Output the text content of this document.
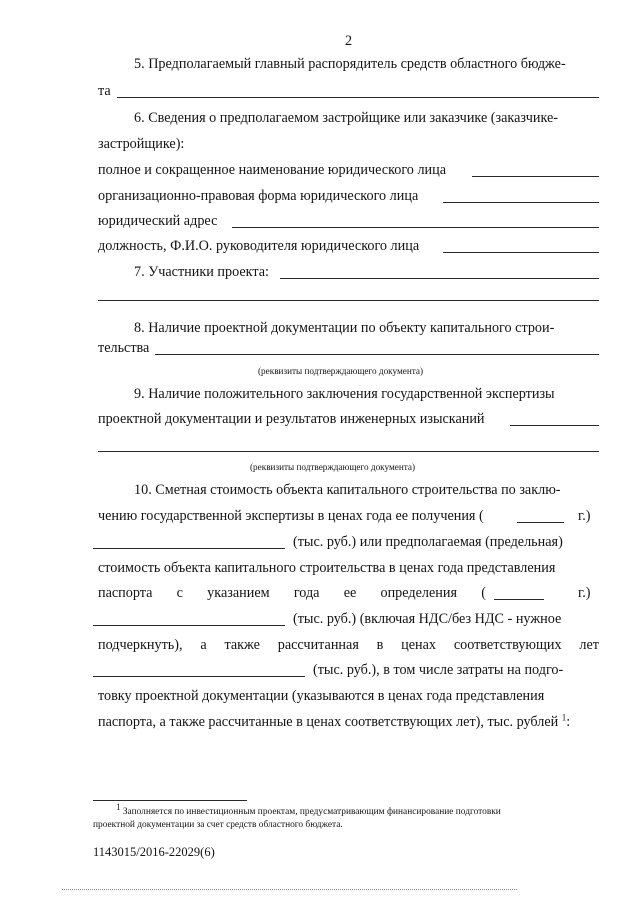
2
5. Предполагаемый главный распорядитель средств областного бюдже-
та
6. Сведения о предполагаемом застройщике или заказчике (заказчике-
застройщике):
полное и сокращенное наименование юридического лица
организационно-правовая форма юридического лица
юридический адрес
должность, Ф.И.О. руководителя юридического лица
7. Участники проекта:
8. Наличие проектной документации по объекту капитального строи-
тельства
(реквизиты подтверждающего документа)
9. Наличие положительного заключения государственной экспертизы
проектной документации и результатов инженерных изысканий
(реквизиты подтверждающего документа)
10. Сметная стоимость объекта капитального строительства по заклю-
чению государственной экспертизы в ценах года ее получения (	г.)
(тыс. руб.) или предполагаемая (предельная)
стоимость объекта капитального строительства в ценах года представления
паспорта с указанием года ее определения (	г.)
(тыс. руб.) (включая НДС/без НДС - нужное
подчеркнуть), а также рассчитанная в ценах соответствующих лет
(тыс. руб.), в том числе затраты на подго-
товку проектной документации (указываются в ценах года представления
паспорта, а также рассчитанные в ценах соответствующих лет), тыс. рублей $^1$:
$^1$ Заполняется по инвестиционным проектам, предусматривающим финансирование подготовки
проектной документации за счет средств областного бюджета.
1143015/2016-22029(6)
